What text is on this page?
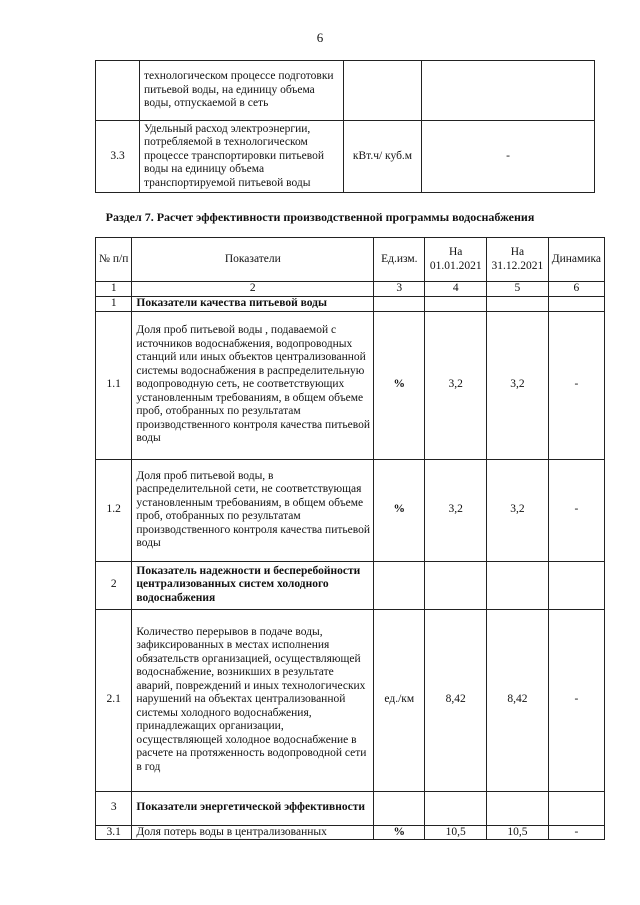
6
	технологическом процессе подготовки питьевой воды, на единицу объема воды, отпускаемой в сеть		
3.3	Удельный расход электроэнергии, потребляемой в технологическом процессе транспортировки питьевой воды на единицу объема транспортируемой питьевой воды	кВт.ч/ куб.м	-
Раздел 7. Расчет эффективности производственной программы водоснабжения
№ п/п	Показатели	Ед.изм.	На 01.01.2021	На 31.12.2021	Динамика
1	2	3	4	5	6
1	Показатели качества питьевой воды				
1.1	Доля проб питьевой воды , подаваемой с источников водоснабжения, водопроводных станций или иных объектов централизованной системы водоснабжения в распределительную водопроводную сеть, не соответствующих установленным требованиям, в общем объеме проб, отобранных по результатам производственного контроля качества питьевой воды	%	3,2	3,2	-
1.2	Доля проб питьевой воды, в распределительной сети, не соответствующая установленным требованиям, в общем объеме проб, отобранных по результатам производственного контроля качества питьевой воды	%	3,2	3,2	-
2	Показатель надежности и бесперебойности централизованных систем холодного водоснабжения				
2.1	Количество перерывов в подаче воды, зафиксированных в местах исполнения обязательств организацией, осуществляющей водоснабжение, возникших в результате аварий, повреждений и иных технологических нарушений на объектах централизованной системы холодного водоснабжения, принадлежащих организации, осуществляющей холодное водоснабжение в расчете на протяженность водопроводной сети в год	ед./км	8,42	8,42	-
3	Показатели энергетической эффективности				
3.1	Доля потерь воды в централизованных	%	10,5	10,5	-
